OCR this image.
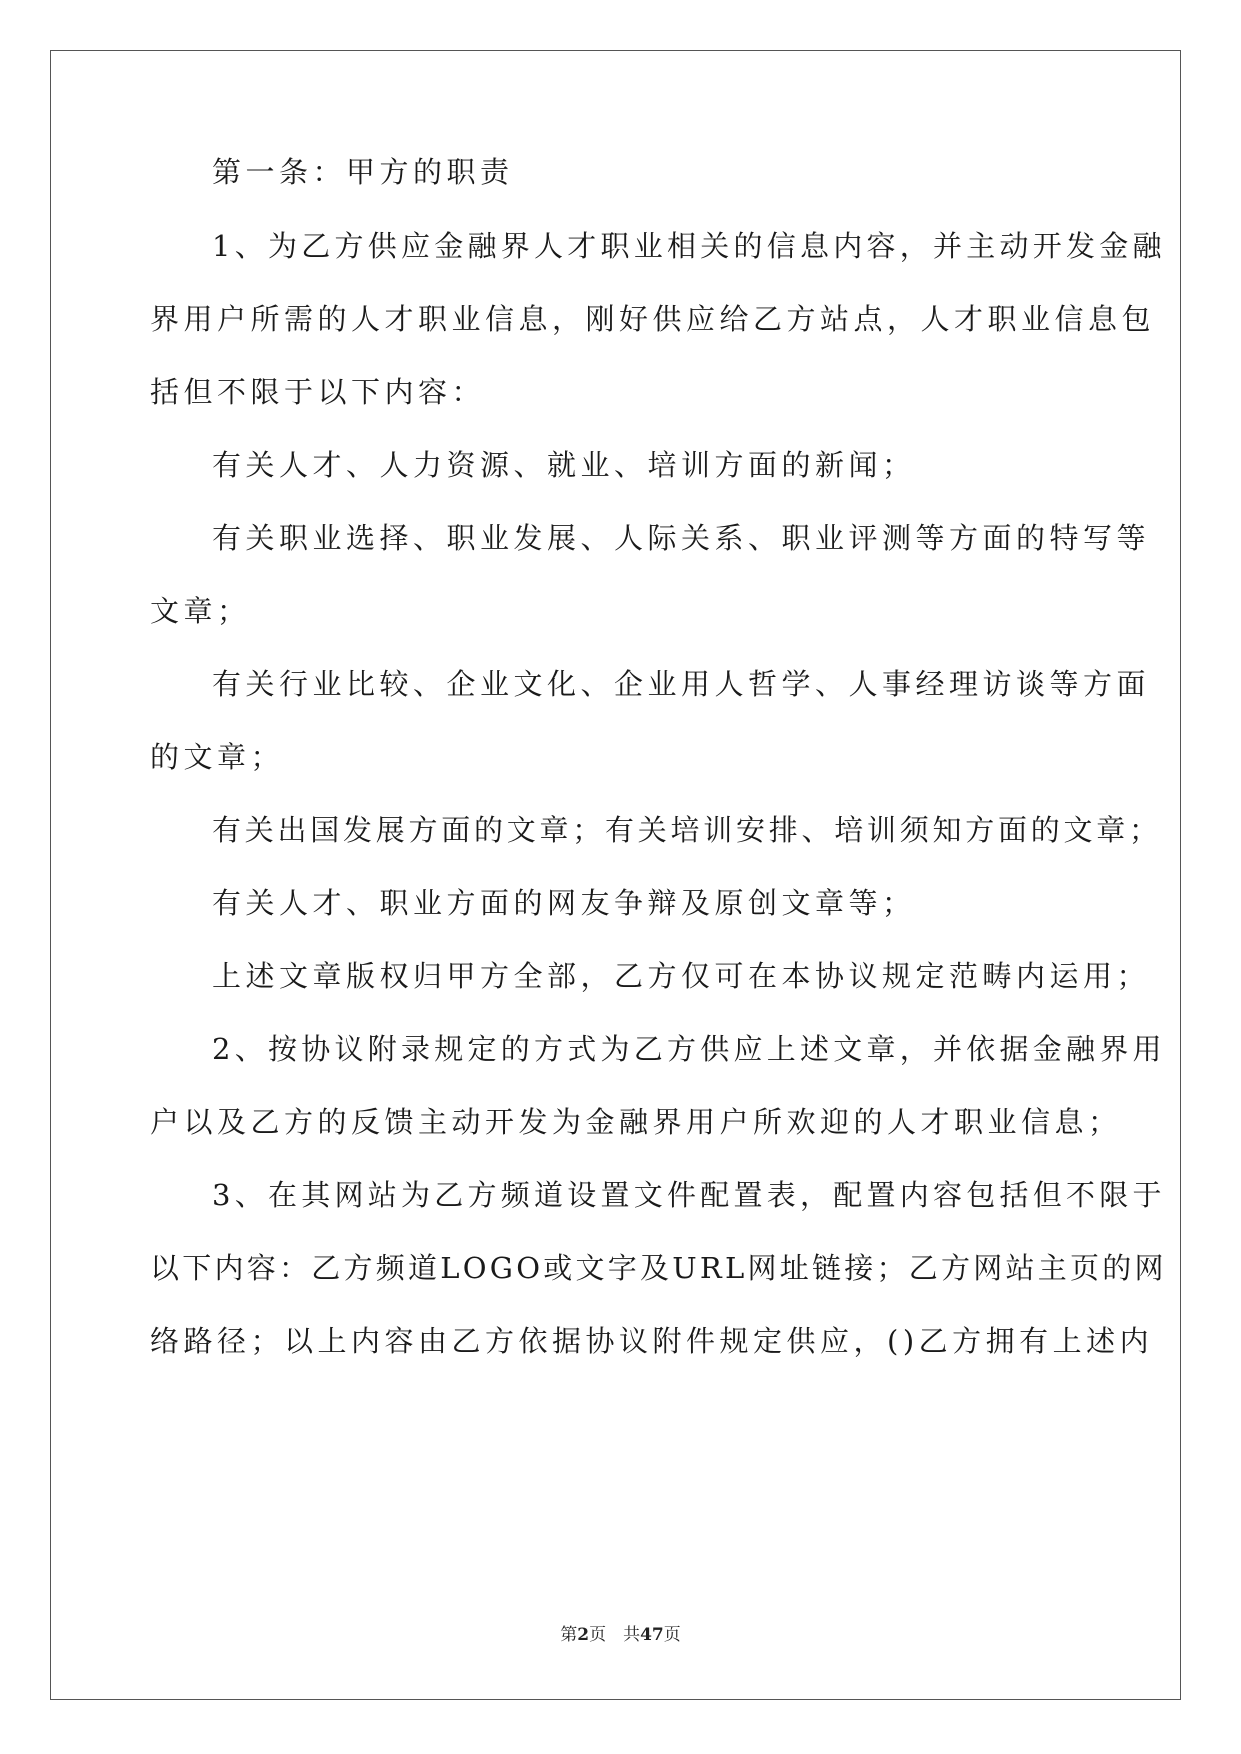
第一条：甲方的职责
1、为乙方供应金融界人才职业相关的信息内容，并主动开发金融
界用户所需的人才职业信息，刚好供应给乙方站点，人才职业信息包
括但不限于以下内容：
有关人才、人力资源、就业、培训方面的新闻；
有关职业选择、职业发展、人际关系、职业评测等方面的特写等
文章；
有关行业比较、企业文化、企业用人哲学、人事经理访谈等方面
的文章；
有关出国发展方面的文章；有关培训安排、培训须知方面的文章；
有关人才、职业方面的网友争辩及原创文章等；
上述文章版权归甲方全部，乙方仅可在本协议规定范畴内运用；
2、按协议附录规定的方式为乙方供应上述文章，并依据金融界用
户以及乙方的反馈主动开发为金融界用户所欢迎的人才职业信息；
3、在其网站为乙方频道设置文件配置表，配置内容包括但不限于
以下内容：乙方频道LOGO或文字及URL网址链接；乙方网站主页的网
络路径；以上内容由乙方依据协议附件规定供应，()乙方拥有上述内
第2页　共47页
